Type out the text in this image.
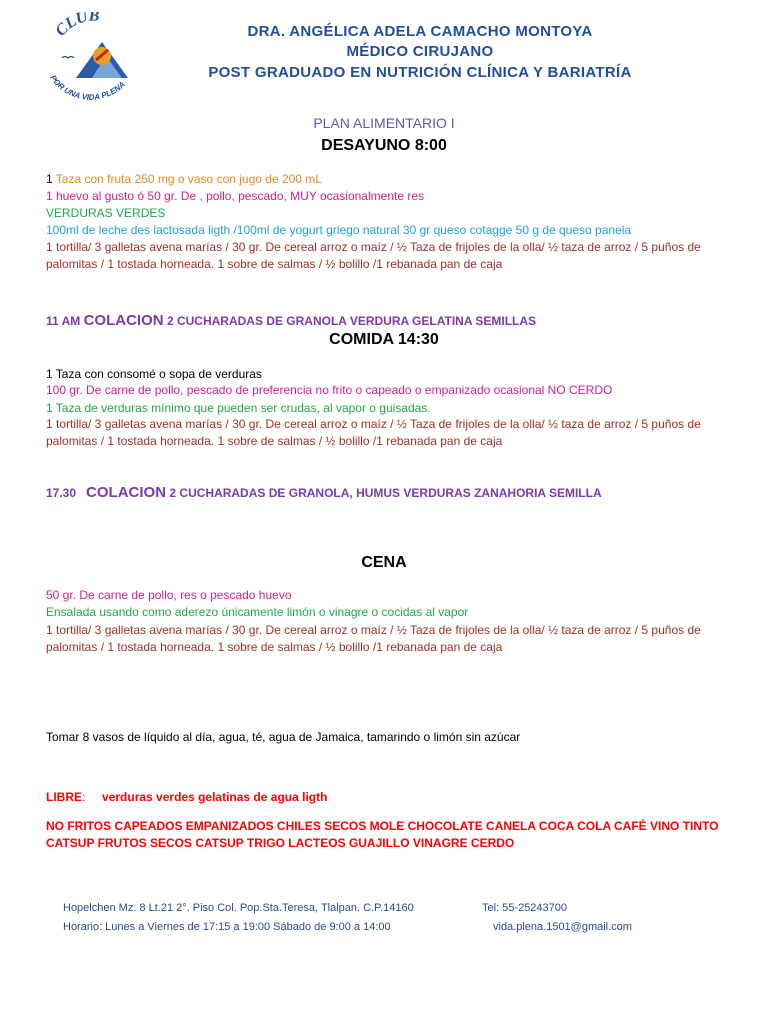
CLUB
POR UNA VIDA PLENA
DRA. ANGÉLICA ADELA CAMACHO MONTOYA
MÉDICO CIRUJANO
POST GRADUADO EN NUTRICIÓN CLÍNICA Y BARIATRÍA
PLAN ALIMENTARIO I
DESAYUNO 8:00
1 Taza con fruta 250 mg o vaso con jugo de 200 mL
1 huevo al gusto ó 50 gr. De , pollo, pescado, MUY ocasionalmente res
VERDURAS VERDES
100ml de leche des lactosada ligth /100ml de yogurt griego natural 30 gr queso cotagge 50 g de queso panela
1 tortilla/ 3 galletas avena marías / 30 gr. De cereal arroz o maíz / ½ Taza de frijoles de la olla/ ½ taza de arroz / 5 puños de palomitas / 1 tostada horneada. 1 sobre de salmas / ½ bolillo /1 rebanada pan de caja
11 AM COLACION 2 CUCHARADAS DE GRANOLA VERDURA GELATINA SEMILLAS
COMIDA 14:30
1 Taza con consomé o sopa de verduras
100 gr. De carne de pollo, pescado de preferencia no frito o capeado o empanizado ocasional NO CERDO
1 Taza de verduras mínimo que pueden ser crudas, al vapor o guisadas.
1 tortilla/ 3 galletas avena marías / 30 gr. De cereal arroz o maíz / ½ Taza de frijoles de la olla/ ½ taza de arroz / 5 puños de palomitas / 1 tostada horneada. 1 sobre de salmas / ½ bolillo /1 rebanada pan de caja
17.30 COLACION 2 CUCHARADAS DE GRANOLA, HUMUS VERDURAS ZANAHORIA SEMILLA
CENA
50 gr. De carne de pollo, res o pescado huevo
Ensalada usando como aderezo únicamente limón o vinagre o cocidas al vapor
1 tortilla/ 3 galletas avena marías / 30 gr. De cereal arroz o maíz / ½ Taza de frijoles de la olla/ ½ taza de arroz / 5 puños de palomitas / 1 tostada horneada. 1 sobre de salmas / ½ bolillo /1 rebanada pan de caja
Tomar 8 vasos de líquido al día, agua, té, agua de Jamaica, tamarindo o limón sin azúcar
LIBRE: verduras verdes gelatinas de agua ligth
NO FRITOS CAPEADOS EMPANIZADOS CHILES SECOS MOLE CHOCOLATE CANELA COCA COLA CAFÉ VINO TINTO CATSUP FRUTOS SECOS CATSUP TRIGO LACTEOS GUAJILLO VINAGRE CERDO
Hopelchen Mz. 8 Lt.21 2°. Piso Col. Pop.Sta.Teresa, Tlalpan. C.P.14160	Tel: 55-25243700
Horario: Lunes a Viernes de 17:15 a 19:00 Sábado de 9:00 a 14:00	vida.plena.1501@gmail.com
